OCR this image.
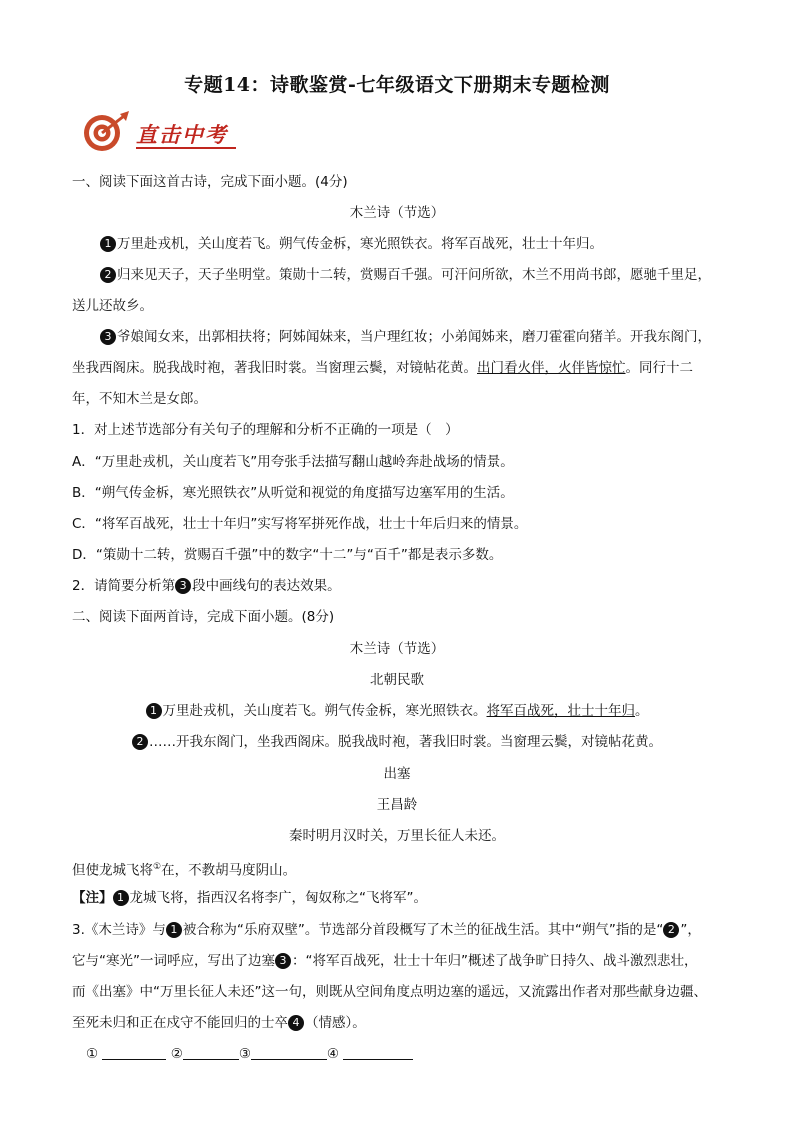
专题14：诗歌鉴赏-七年级语文下册期末专题检测
直击中考
一、阅读下面这首古诗，完成下面小题。(4分)
木兰诗（节选）
1 万里赴戎机，关山度若飞。朔气传金柝，寒光照铁衣。将军百战死，壮士十年归。
2 归来见天子，天子坐明堂。策勋十二转，赏赐百千强。可汗问所欲，木兰不用尚书郎，愿驰千里足，
送儿还故乡。
3 爷娘闻女来，出郭相扶将；阿姊闻妹来，当户理红妆；小弟闻姊来，磨刀霍霍向猪羊。开我东阁门，
坐我西阁床。脱我战时袍，著我旧时裳。当窗理云鬓，对镜帖花黄。出门看火伴，火伴皆惊忙。同行十二
年，不知木兰是女郎。
1．对上述节选部分有关句子的理解和分析不正确的一项是（　）
A．“万里赴戎机，关山度若飞”用夸张手法描写翻山越岭奔赴战场的情景。
B．“朔气传金柝，寒光照铁衣”从听觉和视觉的角度描写边塞军用的生活。
C．“将军百战死，壮士十年归”实写将军拼死作战，壮士十年后归来的情景。
D．“策勋十二转，赏赐百千强”中的数字“十二”与“百千”都是表示多数。
2．请简要分析第 3 段中画线句的表达效果。
二、阅读下面两首诗，完成下面小题。(8分)
木兰诗（节选）
北朝民歌
1 万里赴戎机，关山度若飞。朔气传金柝，寒光照铁衣。将军百战死，壮士十年归。
2 ……开我东阁门，坐我西阁床。脱我战时袍，著我旧时裳。当窗理云鬓，对镜帖花黄。
出塞
王昌龄
秦时明月汉时关，万里长征人未还。
但使龙城飞将①在，不教胡马度阴山。
【注】 1 龙城飞将，指西汉名将李广，匈奴称之“飞将军”。
3.《木兰诗》与 1 被合称为“乐府双壁”。节选部分首段概写了木兰的征战生活。其中“朔气”指的是“ 2 ”，
它与“寒光”一词呼应，写出了边塞 3 ：“将军百战死，壮士十年归”概述了战争旷日持久、战斗激烈悲壮，
而《出塞》中“万里长征人未还”这一句，则既从空间角度点明边塞的遥远，又流露出作者对那些献身边疆、
至死未归和正在戍守不能回归的士卒 4 （情感）。
①	②	③	④
